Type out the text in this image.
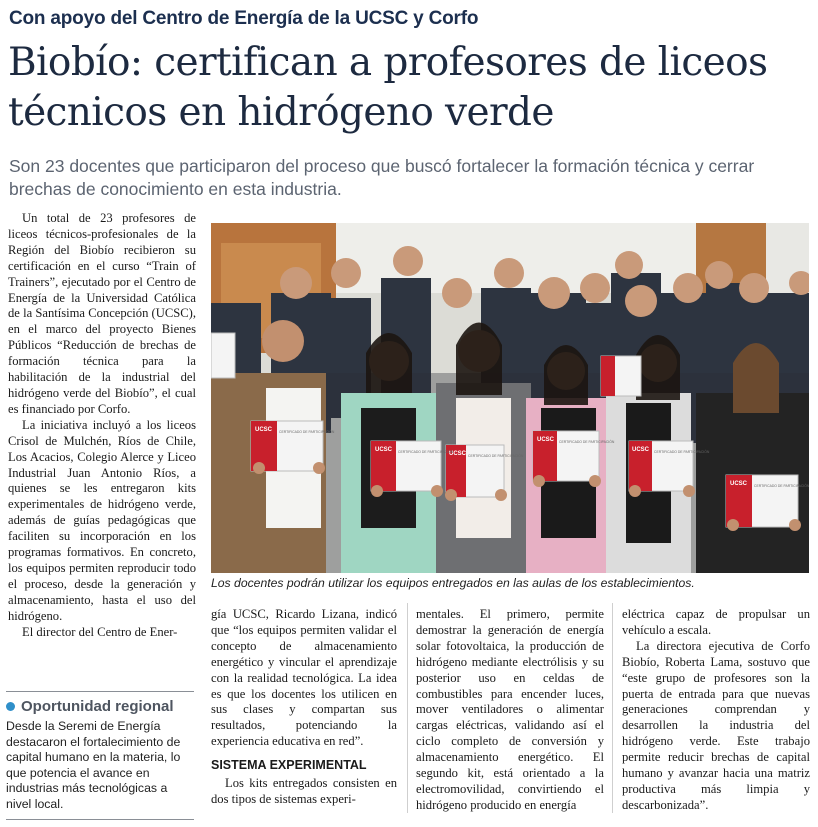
Con apoyo del Centro de Energía de la UCSC y Corfo
Biobío: certifican a profesores de liceos técnicos en hidrógeno verde
Son 23 docentes que participaron del proceso que buscó fortalecer la formación técnica y cerrar brechas de conocimiento en esta industria.

Un total de 23 profesores de liceos técnicos-profesionales de la Región del Biobío recibieron su certificación en el curso “Train of Trainers”, ejecutado por el Centro de Energía de la Universidad Católica de la Santísima Concepción (UCSC), en el marco del proyecto Bienes Públicos “Reducción de brechas de formación técnica para la habilitación de la industrial del hidrógeno verde del Biobío”, el cual es financiado por Corfo.

La iniciativa incluyó a los liceos Crisol de Mulchén, Ríos de Chile, Los Acacios, Colegio Alerce y Liceo Industrial Juan Antonio Ríos, a quienes se les entregaron kits experimentales de hidrógeno verde, además de guías pedagógicas que faciliten su incorporación en los programas formativos. En concreto, los equipos permiten reproducir todo el proceso, desde la generación y almacenamiento, hasta el uso del hidrógeno.

El director del Centro de Ener-

UCSC
UCSC
UCSC
UCSC
UCSC
UCSC
CERTIFICADO DE PARTICIPACIÓN
CERTIFICADO DE PARTICIPACIÓN
CERTIFICADO DE PARTICIPACIÓN
CERTIFICADO DE PARTICIPACIÓN
CERTIFICADO DE PARTICIPACIÓN
CERTIFICADO DE PARTICIPACIÓN
Los docentes podrán utilizar los equipos entregados en las aulas de los establecimientos.

gía UCSC, Ricardo Lizana, indicó que “los equipos permiten validar el concepto de almacenamiento energético y vincular el aprendizaje con la realidad tecnológica. La idea es que los docentes los utilicen en sus clases y compartan sus resultados, potenciando la experiencia educativa en red”.

SISTEMA EXPERIMENTAL

Los kits entregados consisten en dos tipos de sistemas experi-

mentales. El primero, permite demostrar la generación de energía solar fotovoltaica, la producción de hidrógeno mediante electrólisis y su posterior uso en celdas de combustibles para encender luces, mover ventiladores o alimentar cargas eléctricas, validando así el ciclo completo de conversión y almacenamiento energético. El segundo kit, está orientado a la electromovilidad, convirtiendo el hidrógeno producido en energía

eléctrica capaz de propulsar un vehículo a escala.

La directora ejecutiva de Corfo Biobío, Roberta Lama, sostuvo que “este grupo de profesores son la puerta de entrada para que nuevas generaciones comprendan y desarrollen la industria del hidrógeno verde. Este trabajo permite reducir brechas de capital humano y avanzar hacia una matriz productiva más limpia y descarbonizada”.

Oportunidad regional
Desde la Seremi de Energía destacaron el fortalecimiento de capital humano en la materia, lo que potencia el avance en industrias más tecnológicas a nivel local.
